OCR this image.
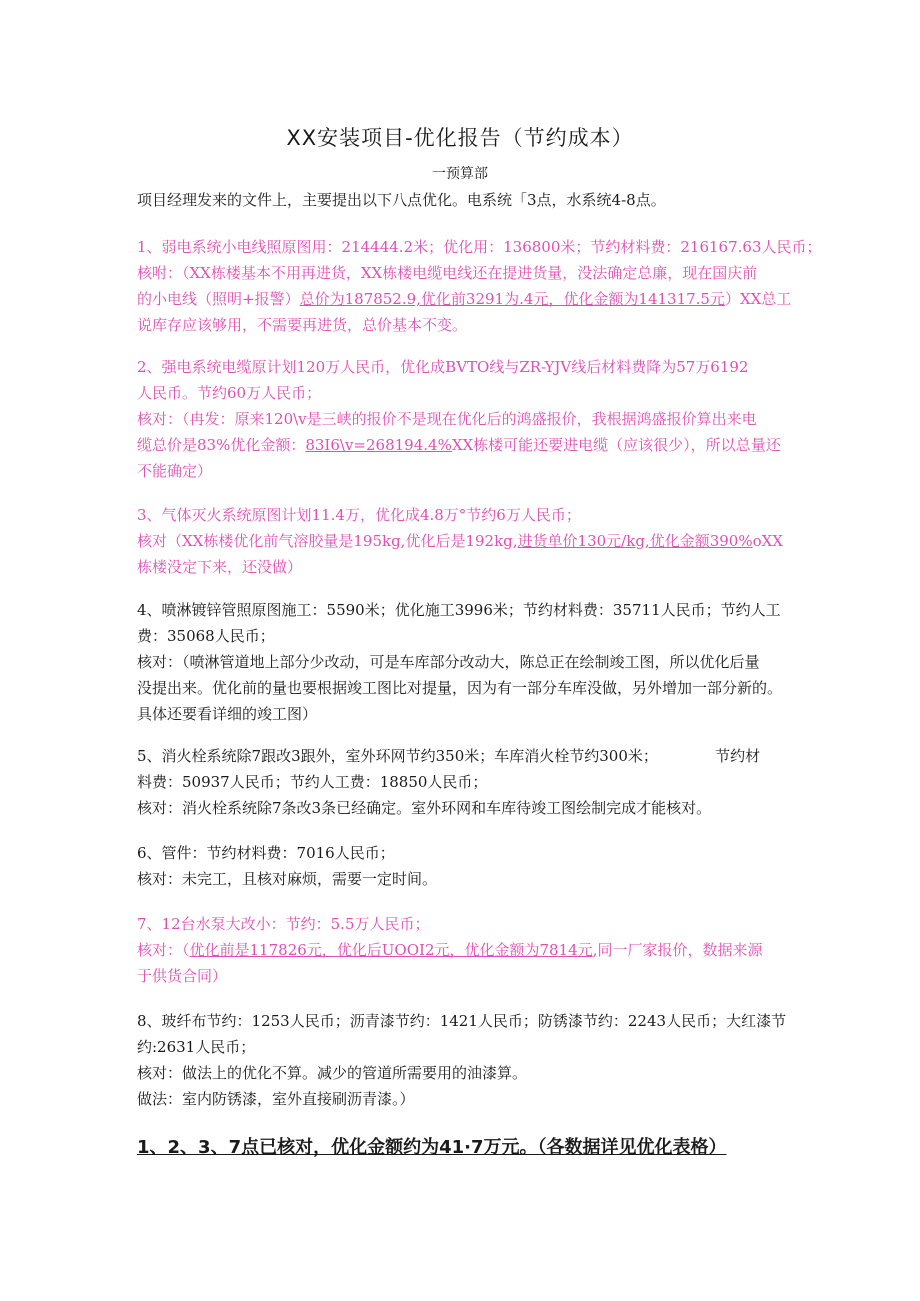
XX安装项目-优化报告（节约成本）
一预算部
项目经理发来的文件上，主要提出以下八点优化。电系统「3点，水系统4-8点。
1、弱电系统小电线照原图用：214444.2米；优化用：136800米；节约材料费：216167.63人民币；
核咐：（XX栋楼基本不用再进货，XX栋楼电缆电线还在提进货量，没法确定总廉，现在国庆前
的小电线（照明+报警）总价为187852.9,优化前3291为.4元，优化金额为141317.5元）XX总工
说库存应该够用，不需要再进货，总价基本不变。
2、强电系统电缆原计划120万人民币，优化成BVTO线与ZR-YJV线后材料费降为57万6192
人民币。节约60万人民币；
核对：（冉发：原来120\v是三峡的报价不是现在优化后的鸿盛报价，我根据鸿盛报价算出来电
缆总价是83%优化金额：83I6\v=268194.4%XX栋楼可能还要进电缆（应该很少），所以总量还
不能确定）
3、气体灭火系统原图计划11.4万，优化成4.8万°节约6万人民币；
核对（XX栋楼优化前气溶胶量是195kg,优化后是192kg,进货单价130元/kg,优化金额390%oXX
栋楼没定下来，还没做）
4、喷淋镀锌管照原图施工：5590米；优化施工3996米；节约材料费：35711人民币；节约人工
费：35068人民币；
核对：（喷淋管道地上部分少改动，可是车库部分改动大，陈总正在绘制竣工图，所以优化后量
没提出来。优化前的量也要根据竣工图比对提量，因为有一部分车库没做，另外增加一部分新的。
具体还要看详细的竣工图）
5、消火栓系统除7跟改3跟外，室外环网节约350米；车库消火栓节约300米；            节约材
料费：50937人民币；节约人工费：18850人民币；
核对：消火栓系统除7条改3条已经确定。室外环网和车库待竣工图绘制完成才能核对。
6、管件：节约材料费：7016人民币；
核对：未完工，且核对麻烦，需要一定时间。
7、12台水泵大改小：节约：5.5万人民币；
核对：（优化前是117826元，优化后UOOI2元，优化金额为7814元,同一厂家报价，数据来源
于供货合同）
8、玻纤布节约：1253人民币；沥青漆节约：1421人民币；防锈漆节约：2243人民币；大红漆节
约:2631人民币；
核对：做法上的优化不算。减少的管道所需要用的油漆算。
做法：室内防锈漆，室外直接刷沥青漆。）
1、2、3、7点已核对，优化金额约为41·7万元。（各数据详见优化表格）
